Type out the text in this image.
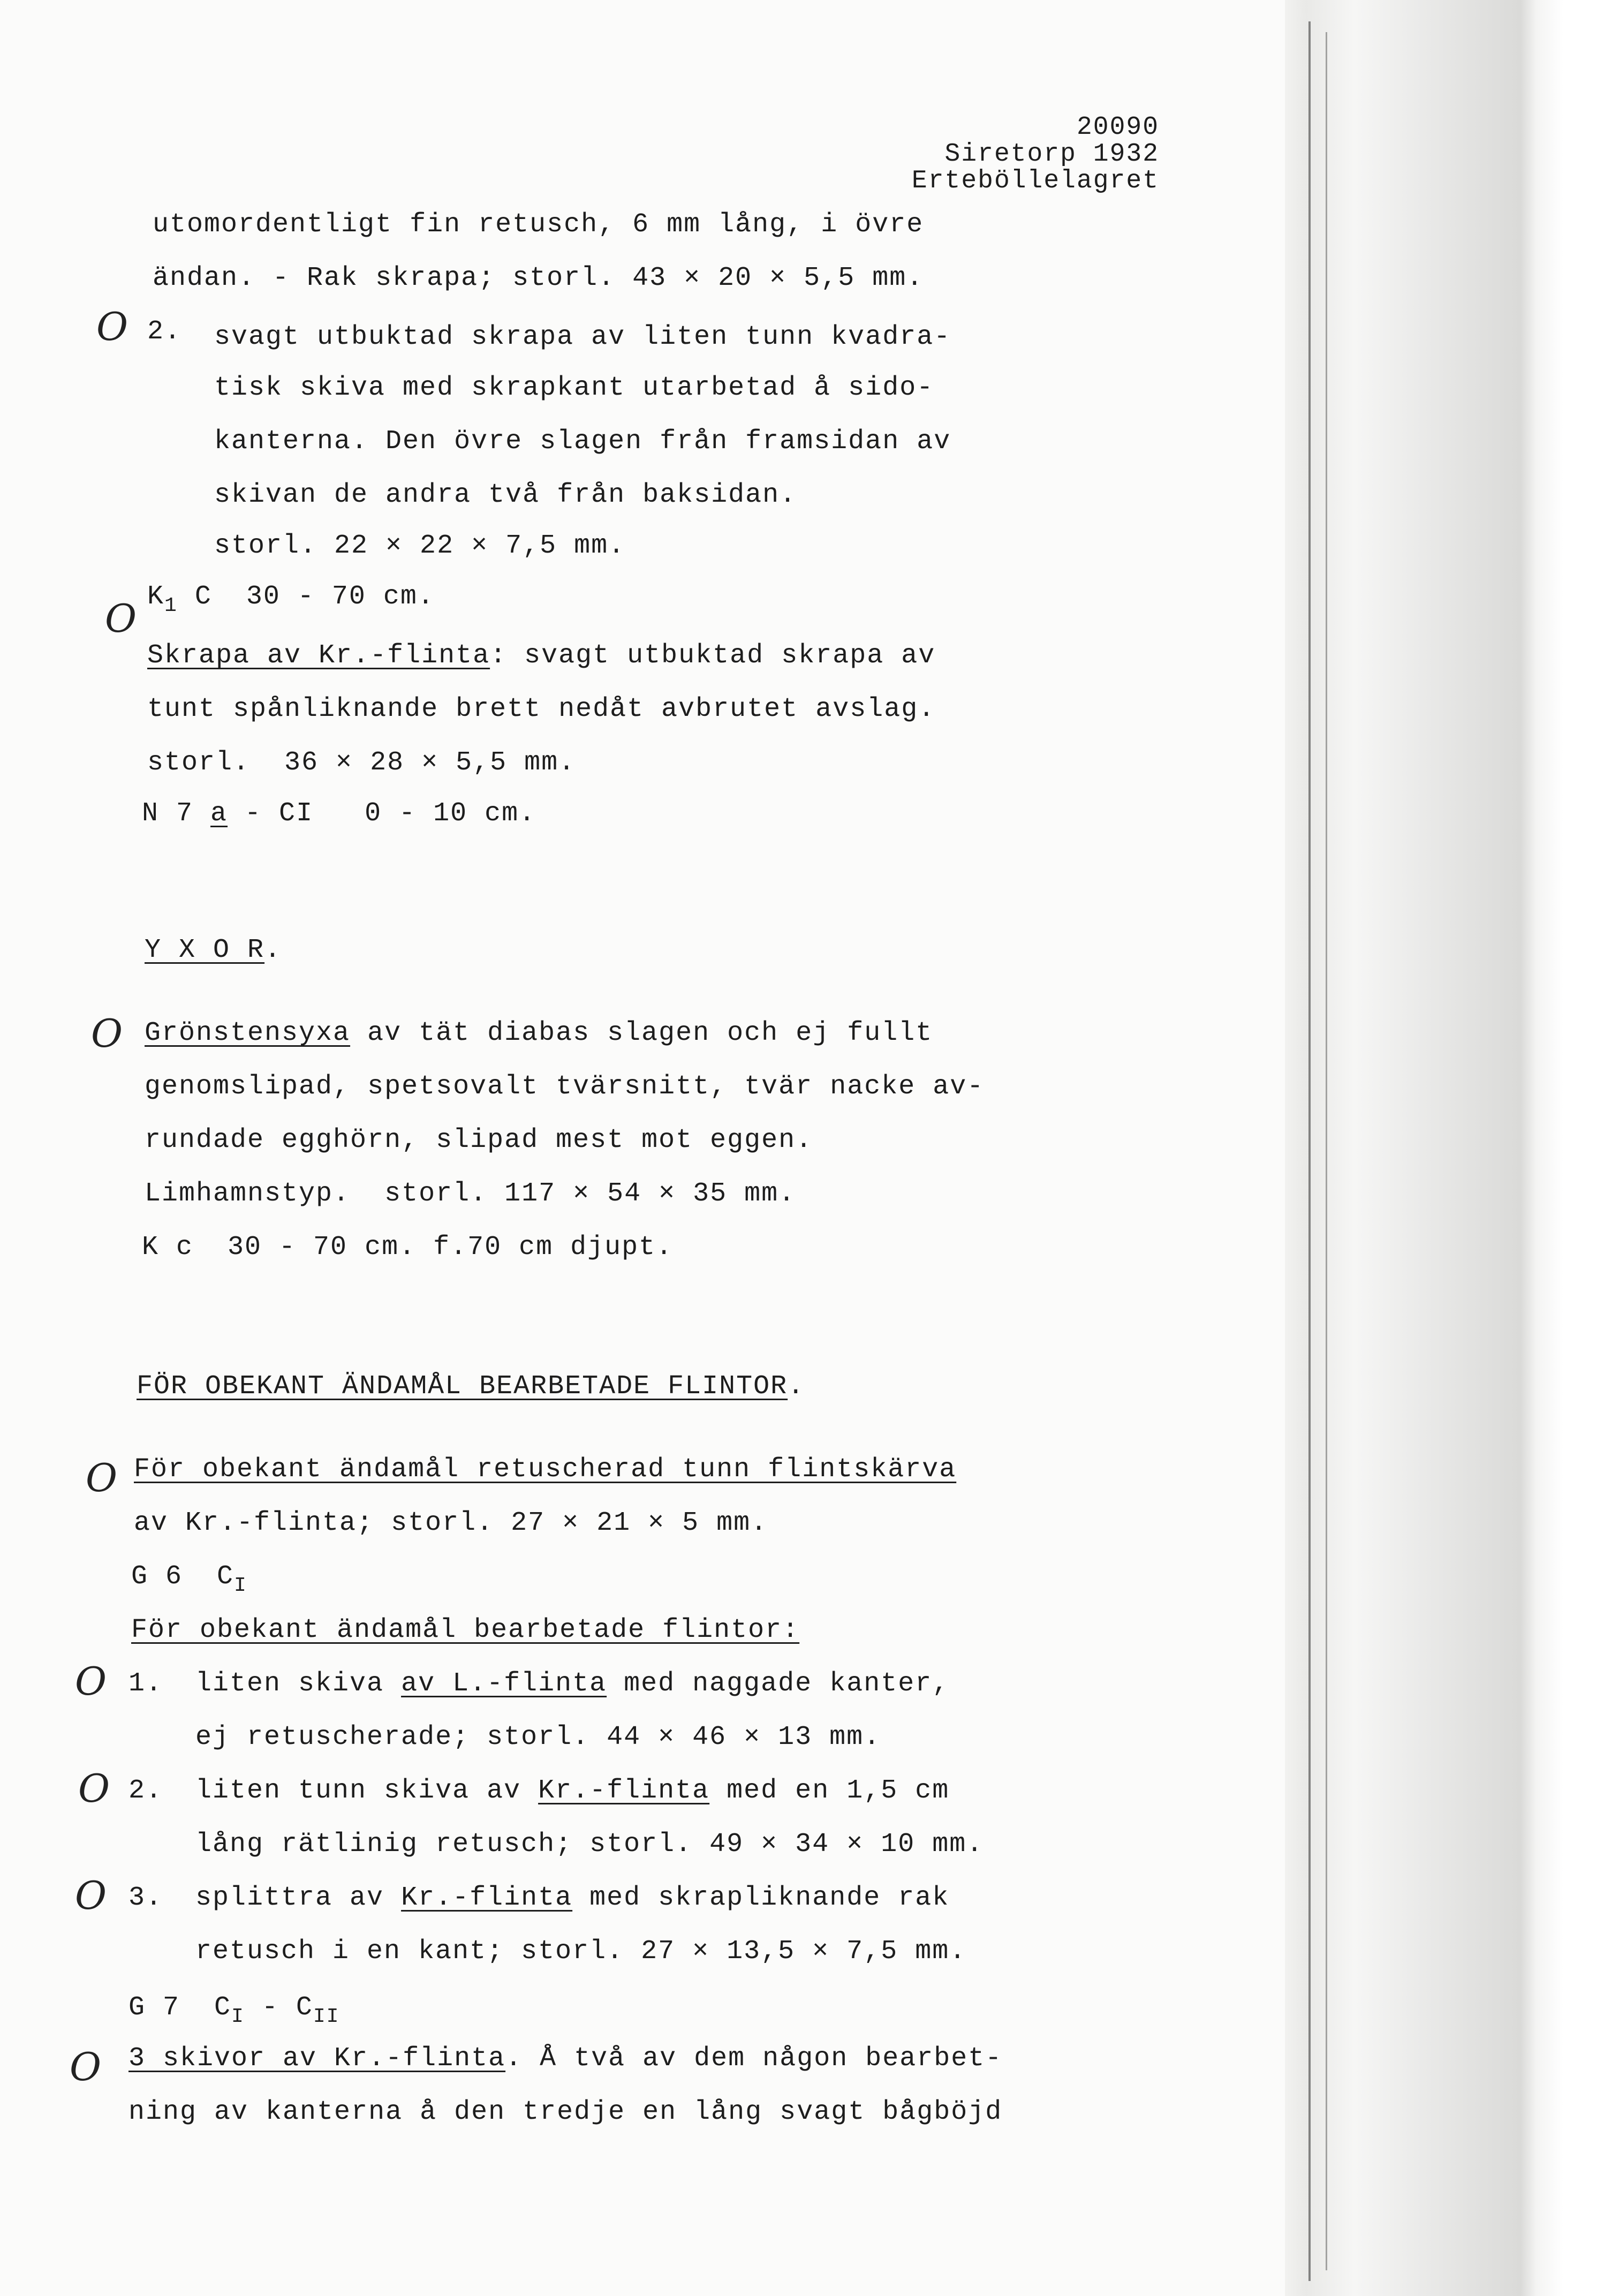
20090
Siretorp 1932
Erteböllelagret
O
O
O
O
O
O
O
O
utomordentligt fin retusch, 6 mm lång, i övre
ändan. - Rak skrapa; storl. 43 × 20 × 5,5 mm.
2. svagt utbuktad skrapa av liten tunn kvadra-
tisk skiva med skrapkant utarbetad å sido-
kanterna. Den övre slagen från framsidan av
skivan de andra två från baksidan.
storl. 22 × 22 × 7,5 mm.
$K_1$ C  30 - 70 cm.
Skrapa av Kr.-flinta: svagt utbuktad skrapa av
tunt spånliknande brett nedåt avbrutet avslag.
storl.  36 × 28 × 5,5 mm.
N 7 a - CI   0 - 10 cm.
Y X O R.
Grönstensyxa av tät diabas slagen och ej fullt
genomslipad, spetsovalt tvärsnitt, tvär nacke av-
rundade egghörn, slipad mest mot eggen.
Limhamnstyp.  storl. 117 × 54 × 35 mm.
K c  30 - 70 cm. f.70 cm djupt.
FÖR OBEKANT ÄNDAMÅL BEARBETADE FLINTOR.
För obekant ändamål retuscherad tunn flintskärva
av Kr.-flinta; storl. 27 × 21 × 5 mm.
G 6  $C_I$
För obekant ändamål bearbetade flintor:
1. liten skiva av L.-flinta med naggade kanter,
ej retuscherade; storl. 44 × 46 × 13 mm.
2. liten tunn skiva av Kr.-flinta med en 1,5 cm
lång rätlinig retusch; storl. 49 × 34 × 10 mm.
3. splittra av Kr.-flinta med skrapliknande rak
retusch i en kant; storl. 27 × 13,5 × 7,5 mm.
G 7  $C_I - C_{II}$
3 skivor av Kr.-flinta. Å två av dem någon bearbet-
ning av kanterna å den tredje en lång svagt bågböjd
